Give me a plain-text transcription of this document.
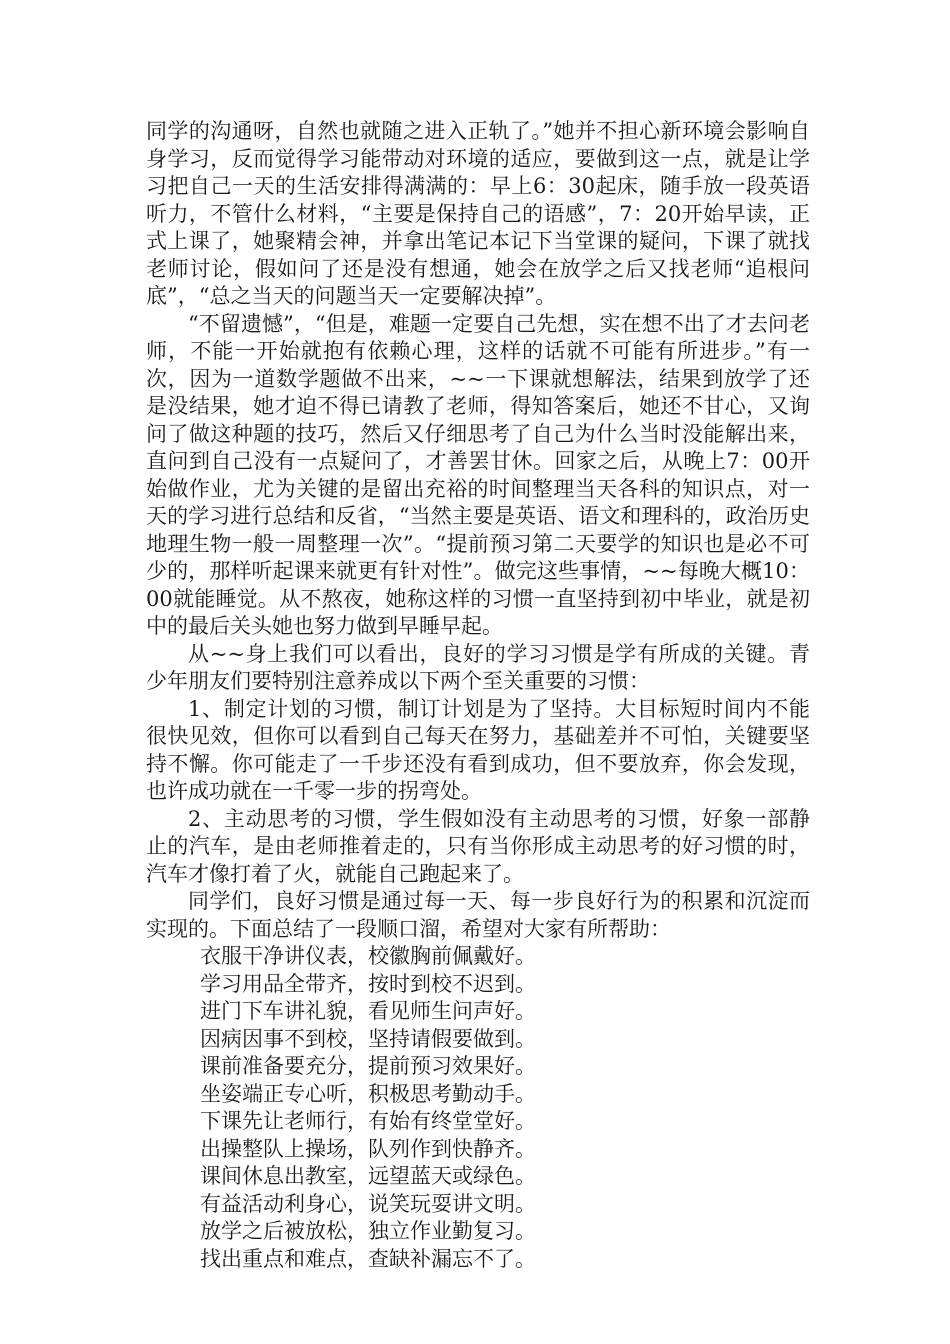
同学的沟通呀，自然也就随之进入正轨了。”她并不担心新环境会影响自身学习，反而觉得学习能带动对环境的适应，要做到这一点，就是让学习把自己一天的生活安排得满满的：早上6：30起床，随手放一段英语听力，不管什么材料，“主要是保持自己的语感”，7：20开始早读，正式上课了，她聚精会神，并拿出笔记本记下当堂课的疑问，下课了就找老师讨论，假如问了还是没有想通，她会在放学之后又找老师“追根问底”，“总之当天的问题当天一定要解决掉”。

“不留遗憾”，“但是，难题一定要自己先想，实在想不出了才去问老师，不能一开始就抱有依赖心理，这样的话就不可能有所进步。”有一次，因为一道数学题做不出来，~~一下课就想解法，结果到放学了还是没结果，她才迫不得已请教了老师，得知答案后，她还不甘心，又询问了做这种题的技巧，然后又仔细思考了自己为什么当时没能解出来，直问到自己没有一点疑问了，才善罢甘休。回家之后，从晚上7：00开始做作业，尤为关键的是留出充裕的时间整理当天各科的知识点，对一天的学习进行总结和反省，“当然主要是英语、语文和理科的，政治历史地理生物一般一周整理一次”。“提前预习第二天要学的知识也是必不可少的，那样听起课来就更有针对性”。做完这些事情，~~每晚大概10：00就能睡觉。从不熬夜，她称这样的习惯一直坚持到初中毕业，就是初中的最后关头她也努力做到早睡早起。

从~~身上我们可以看出，良好的学习习惯是学有所成的关键。青少年朋友们要特别注意养成以下两个至关重要的习惯：

1、制定计划的习惯，制订计划是为了坚持。大目标短时间内不能很快见效，但你可以看到自己每天在努力，基础差并不可怕，关键要坚持不懈。你可能走了一千步还没有看到成功，但不要放弃，你会发现，也许成功就在一千零一步的拐弯处。

2、主动思考的习惯，学生假如没有主动思考的习惯，好象一部静止的汽车，是由老师推着走的，只有当你形成主动思考的好习惯的时，汽车才像打着了火，就能自己跑起来了。

同学们，良好习惯是通过每一天、每一步良好行为的积累和沉淀而实现的。下面总结了一段顺口溜，希望对大家有所帮助：

衣服干净讲仪表，校徽胸前佩戴好。

学习用品全带齐，按时到校不迟到。

进门下车讲礼貌，看见师生问声好。

因病因事不到校，坚持请假要做到。

课前准备要充分，提前预习效果好。

坐姿端正专心听，积极思考勤动手。

下课先让老师行，有始有终堂堂好。

出操整队上操场，队列作到快静齐。

课间休息出教室，远望蓝天或绿色。

有益活动利身心，说笑玩耍讲文明。

放学之后被放松，独立作业勤复习。

找出重点和难点，查缺补漏忘不了。
